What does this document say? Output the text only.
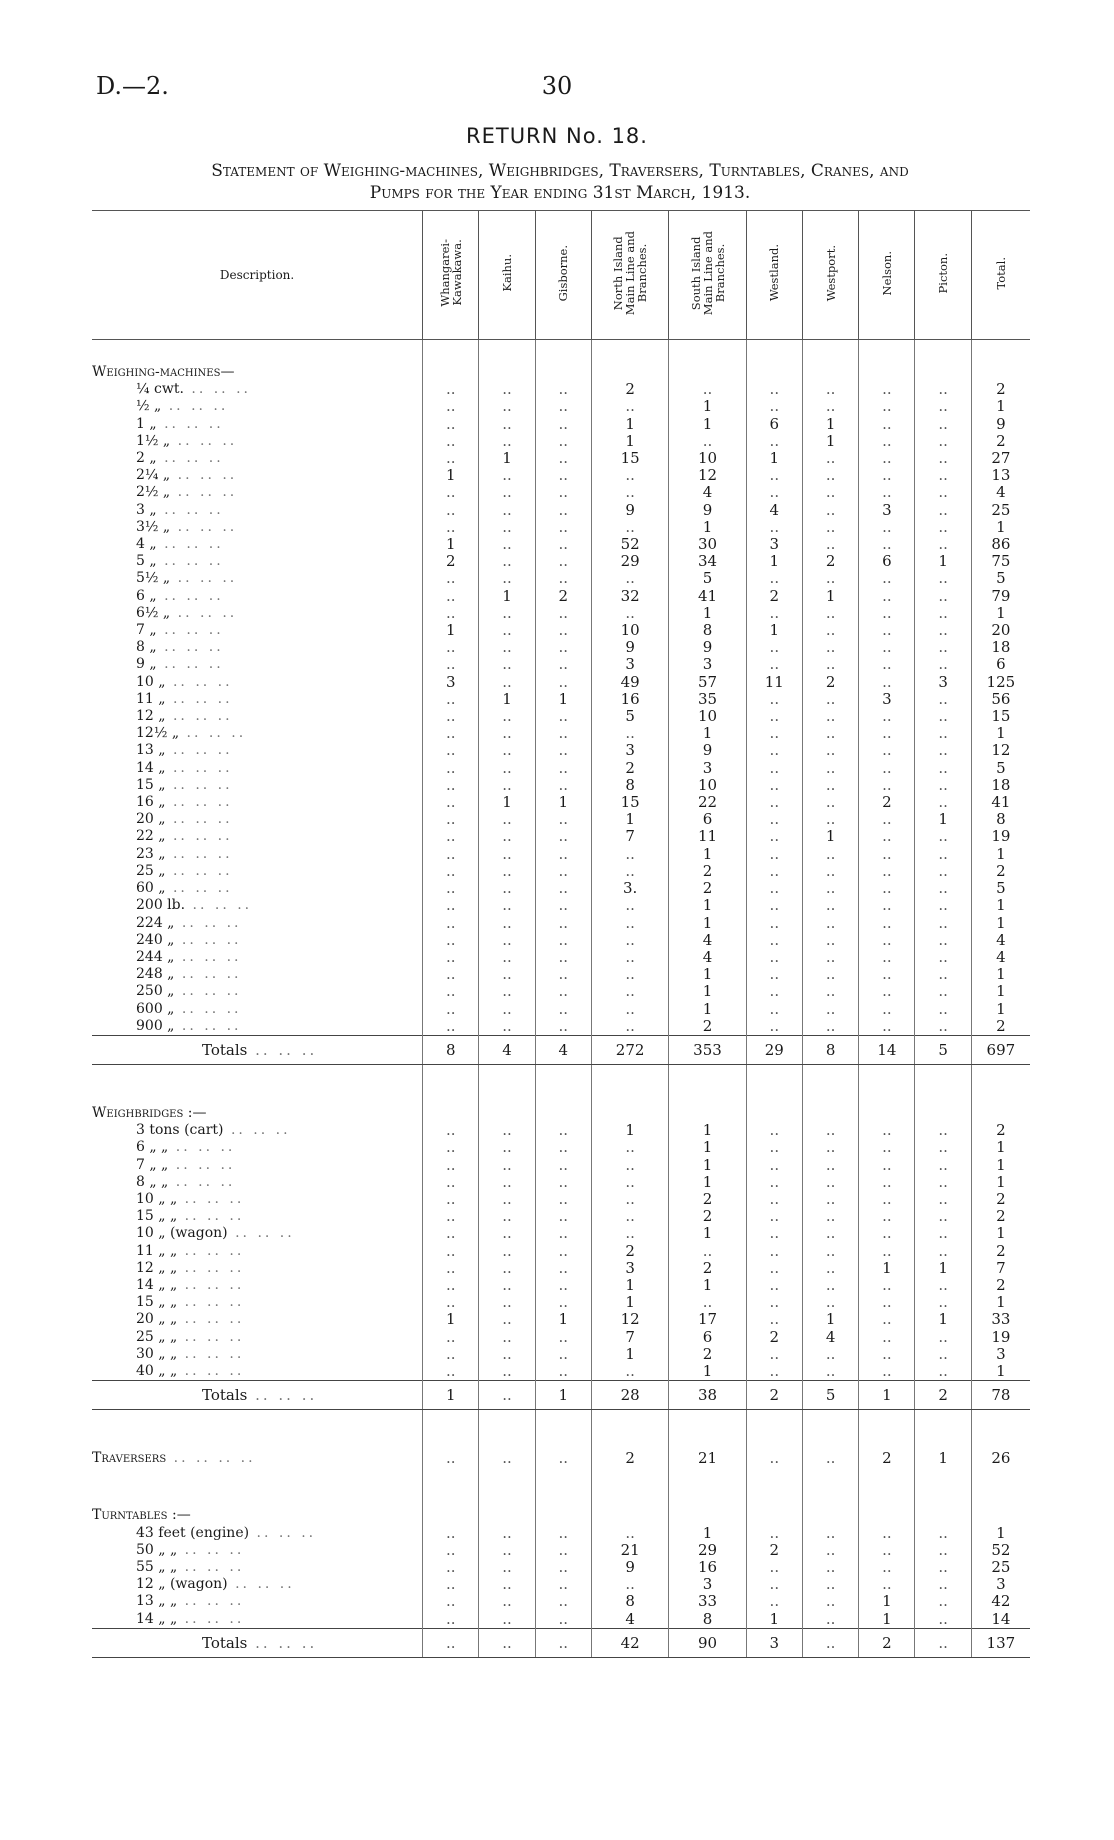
D.—2.	30
RETURN No. 18.
Statement of Weighing-machines, Weighbridges, Traversers, Turntables, Cranes, and
Pumps for the Year ending 31st March, 1913.
Description.	Whangarei-
Kawakawa.	Kaihu.	Gisborne.	North Island
Main Line and
Branches.	South Island
Main Line and
Branches.	Westland.	Westport.	Nelson.	Picton.	Total.

Weighing-machines—										
¼ cwt. .. .. ..	..	..	..	2	..	..	..	..	..	2
½ „ .. .. ..	..	..	..	..	1	..	..	..	..	1
1 „ .. .. ..	..	..	..	1	1	6	1	..	..	9
1½ „ .. .. ..	..	..	..	1	..	..	1	..	..	2
2 „ .. .. ..	..	1	..	15	10	1	..	..	..	27
2¼ „ .. .. ..	1	..	..	..	12	..	..	..	..	13
2½ „ .. .. ..	..	..	..	..	4	..	..	..	..	4
3 „ .. .. ..	..	..	..	9	9	4	..	3	..	25
3½ „ .. .. ..	..	..	..	..	1	..	..	..	..	1
4 „ .. .. ..	1	..	..	52	30	3	..	..	..	86
5 „ .. .. ..	2	..	..	29	34	1	2	6	1	75
5½ „ .. .. ..	..	..	..	..	5	..	..	..	..	5
6 „ .. .. ..	..	1	2	32	41	2	1	..	..	79
6½ „ .. .. ..	..	..	..	..	1	..	..	..	..	1
7 „ .. .. ..	1	..	..	10	8	1	..	..	..	20
8 „ .. .. ..	..	..	..	9	9	..	..	..	..	18
9 „ .. .. ..	..	..	..	3	3	..	..	..	..	6
10 „ .. .. ..	3	..	..	49	57	11	2	..	3	125
11 „ .. .. ..	..	1	1	16	35	..	..	3	..	56
12 „ .. .. ..	..	..	..	5	10	..	..	..	..	15
12½ „ .. .. ..	..	..	..	..	1	..	..	..	..	1
13 „ .. .. ..	..	..	..	3	9	..	..	..	..	12
14 „ .. .. ..	..	..	..	2	3	..	..	..	..	5
15 „ .. .. ..	..	..	..	8	10	..	..	..	..	18
16 „ .. .. ..	..	1	1	15	22	..	..	2	..	41
20 „ .. .. ..	..	..	..	1	6	..	..	..	1	8
22 „ .. .. ..	..	..	..	7	11	..	1	..	..	19
23 „ .. .. ..	..	..	..	..	1	..	..	..	..	1
25 „ .. .. ..	..	..	..	..	2	..	..	..	..	2
60 „ .. .. ..	..	..	..	3.	2	..	..	..	..	5
200 lb. .. .. ..	..	..	..	..	1	..	..	..	..	1
224 „ .. .. ..	..	..	..	..	1	..	..	..	..	1
240 „ .. .. ..	..	..	..	..	4	..	..	..	..	4
244 „ .. .. ..	..	..	..	..	4	..	..	..	..	4
248 „ .. .. ..	..	..	..	..	1	..	..	..	..	1
250 „ .. .. ..	..	..	..	..	1	..	..	..	..	1
600 „ .. .. ..	..	..	..	..	1	..	..	..	..	1
900 „ .. .. ..	..	..	..	..	2	..	..	..	..	2
Totals .. .. ..	8	4	4	272	353	29	8	14	5	697

Weighbridges :—										
3 tons (cart) .. .. ..	..	..	..	1	1	..	..	..	..	2
6 „ „ .. .. ..	..	..	..	..	1	..	..	..	..	1
7 „ „ .. .. ..	..	..	..	..	1	..	..	..	..	1
8 „ „ .. .. ..	..	..	..	..	1	..	..	..	..	1
10 „ „ .. .. ..	..	..	..	..	2	..	..	..	..	2
15 „ „ .. .. ..	..	..	..	..	2	..	..	..	..	2
10 „ (wagon) .. .. ..	..	..	..	..	1	..	..	..	..	1
11 „ „ .. .. ..	..	..	..	2	..	..	..	..	..	2
12 „ „ .. .. ..	..	..	..	3	2	..	..	1	1	7
14 „ „ .. .. ..	..	..	..	1	1	..	..	..	..	2
15 „ „ .. .. ..	..	..	..	1	..	..	..	..	..	1
20 „ „ .. .. ..	1	..	1	12	17	..	1	..	1	33
25 „ „ .. .. ..	..	..	..	7	6	2	4	..	..	19
30 „ „ .. .. ..	..	..	..	1	2	..	..	..	..	3
40 „ „ .. .. ..	..	..	..	..	1	..	..	..	..	1
Totals .. .. ..	1	..	1	28	38	2	5	1	2	78

Traversers .. .. .. ..	..	..	..	2	21	..	..	2	1	26

Turntables :—										
43 feet (engine) .. .. ..	..	..	..	..	1	..	..	..	..	1
50 „ „ .. .. ..	..	..	..	21	29	2	..	..	..	52
55 „ „ .. .. ..	..	..	..	9	16	..	..	..	..	25
12 „ (wagon) .. .. ..	..	..	..	..	3	..	..	..	..	3
13 „ „ .. .. ..	..	..	..	8	33	..	..	1	..	42
14 „ „ .. .. ..	..	..	..	4	8	1	..	1	..	14
Totals .. .. ..	..	..	..	42	90	3	..	2	..	137
